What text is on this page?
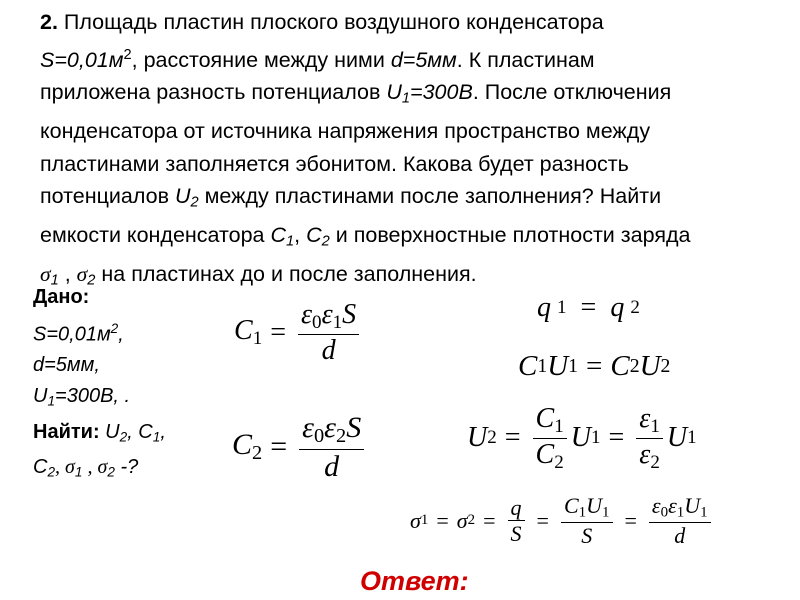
2. Площадь пластин плоского воздушного конденсатора

$S=0,01м^2$, расстояние между ними d=5мм. К пластинам

приложена разность потенциалов $U_1=300В$. После отключения

конденсатора от источника напряжения пространство между

пластинами заполняется эбонитом. Какова будет разность

потенциалов $U_2$ между пластинами после заполнения? Найти

емкости конденсатора $C_1$, $C_2$ и поверхностные плотности заряда

$\sigma_1$ , $\sigma_2$ на пластинах до и после заполнения.

Дано:

$S=0,01м^2$,

d=5мм,

$U_1=300В$, .

Найти: $U_2$, $C_1$,

$C_2$, $\sigma_1$ , $\sigma_2$ -?

$C_1 = \frac{\varepsilon_0\varepsilon_1S}{d}$
$C_2 = \frac{\varepsilon_0\varepsilon_2S}{d}$
q 1 = q 2
C 1 U 1 = C 2 U 2
U $2 = \frac{C_1}{C_2}$ U $1 = \frac{\varepsilon_1}{\varepsilon_2}$ U 1
σ 1 = σ $2 = \frac{q}{S} = \frac{C_1U_1}{S} = \frac{\varepsilon_0\varepsilon_1U_1}{d}$
Ответ:
